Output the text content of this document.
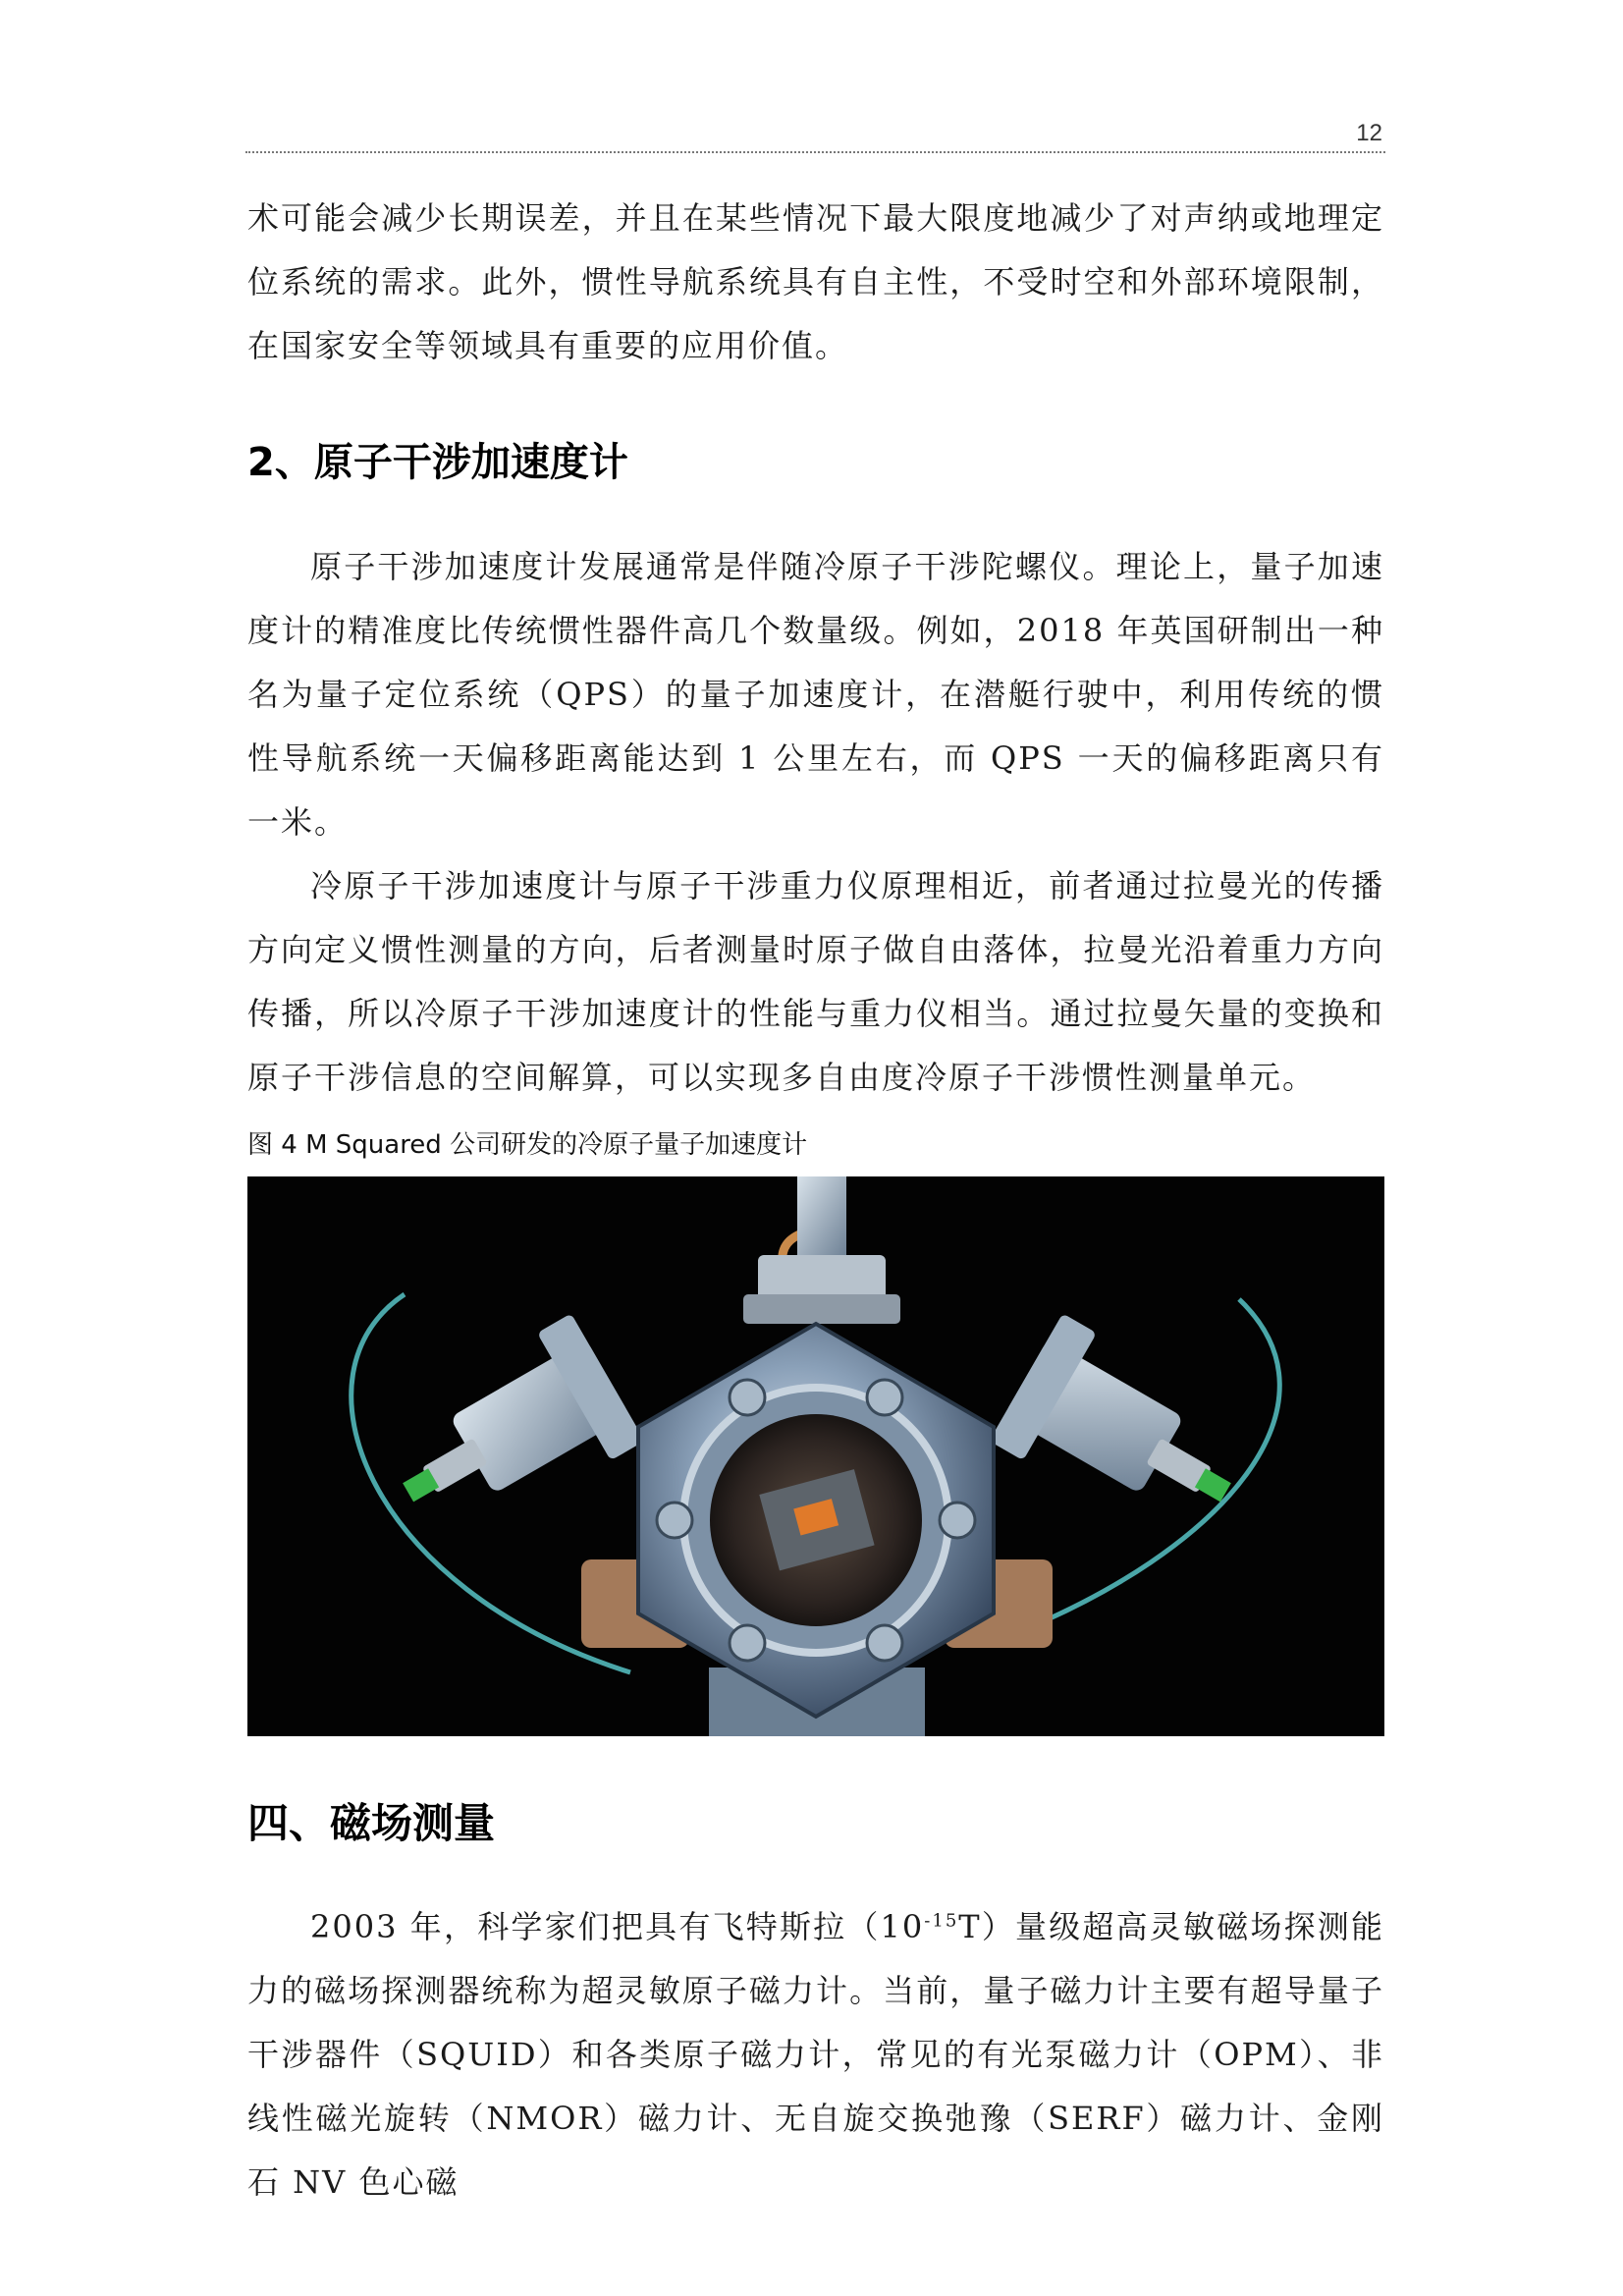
12

术可能会减少长期误差，并且在某些情况下最大限度地减少了对声纳或地理定位系统的需求。此外，惯性导航系统具有自主性，不受时空和外部环境限制，在国家安全等领域具有重要的应用价值。

2、原子干涉加速度计

原子干涉加速度计发展通常是伴随冷原子干涉陀螺仪。理论上，量子加速度计的精准度比传统惯性器件高几个数量级。例如，2018 年英国研制出一种名为量子定位系统（QPS）的量子加速度计，在潜艇行驶中，利用传统的惯性导航系统一天偏移距离能达到 1 公里左右，而 QPS 一天的偏移距离只有一米。

冷原子干涉加速度计与原子干涉重力仪原理相近，前者通过拉曼光的传播方向定义惯性测量的方向，后者测量时原子做自由落体，拉曼光沿着重力方向传播，所以冷原子干涉加速度计的性能与重力仪相当。通过拉曼矢量的变换和原子干涉信息的空间解算，可以实现多自由度冷原子干涉惯性测量单元。

图 4 M Squared 公司研发的冷原子量子加速度计
四、磁场测量

2003 年，科学家们把具有飞特斯拉$(10^{-15}T)$量级超高灵敏磁场探测能力的磁场探测器统称为超灵敏原子磁力计。当前，量子磁力计主要有超导量子干涉器件（SQUID）和各类原子磁力计，常见的有光泵磁力计（OPM）、非线性磁光旋转（NMOR）磁力计、无自旋交换弛豫（SERF）磁力计、金刚石 NV 色心磁
